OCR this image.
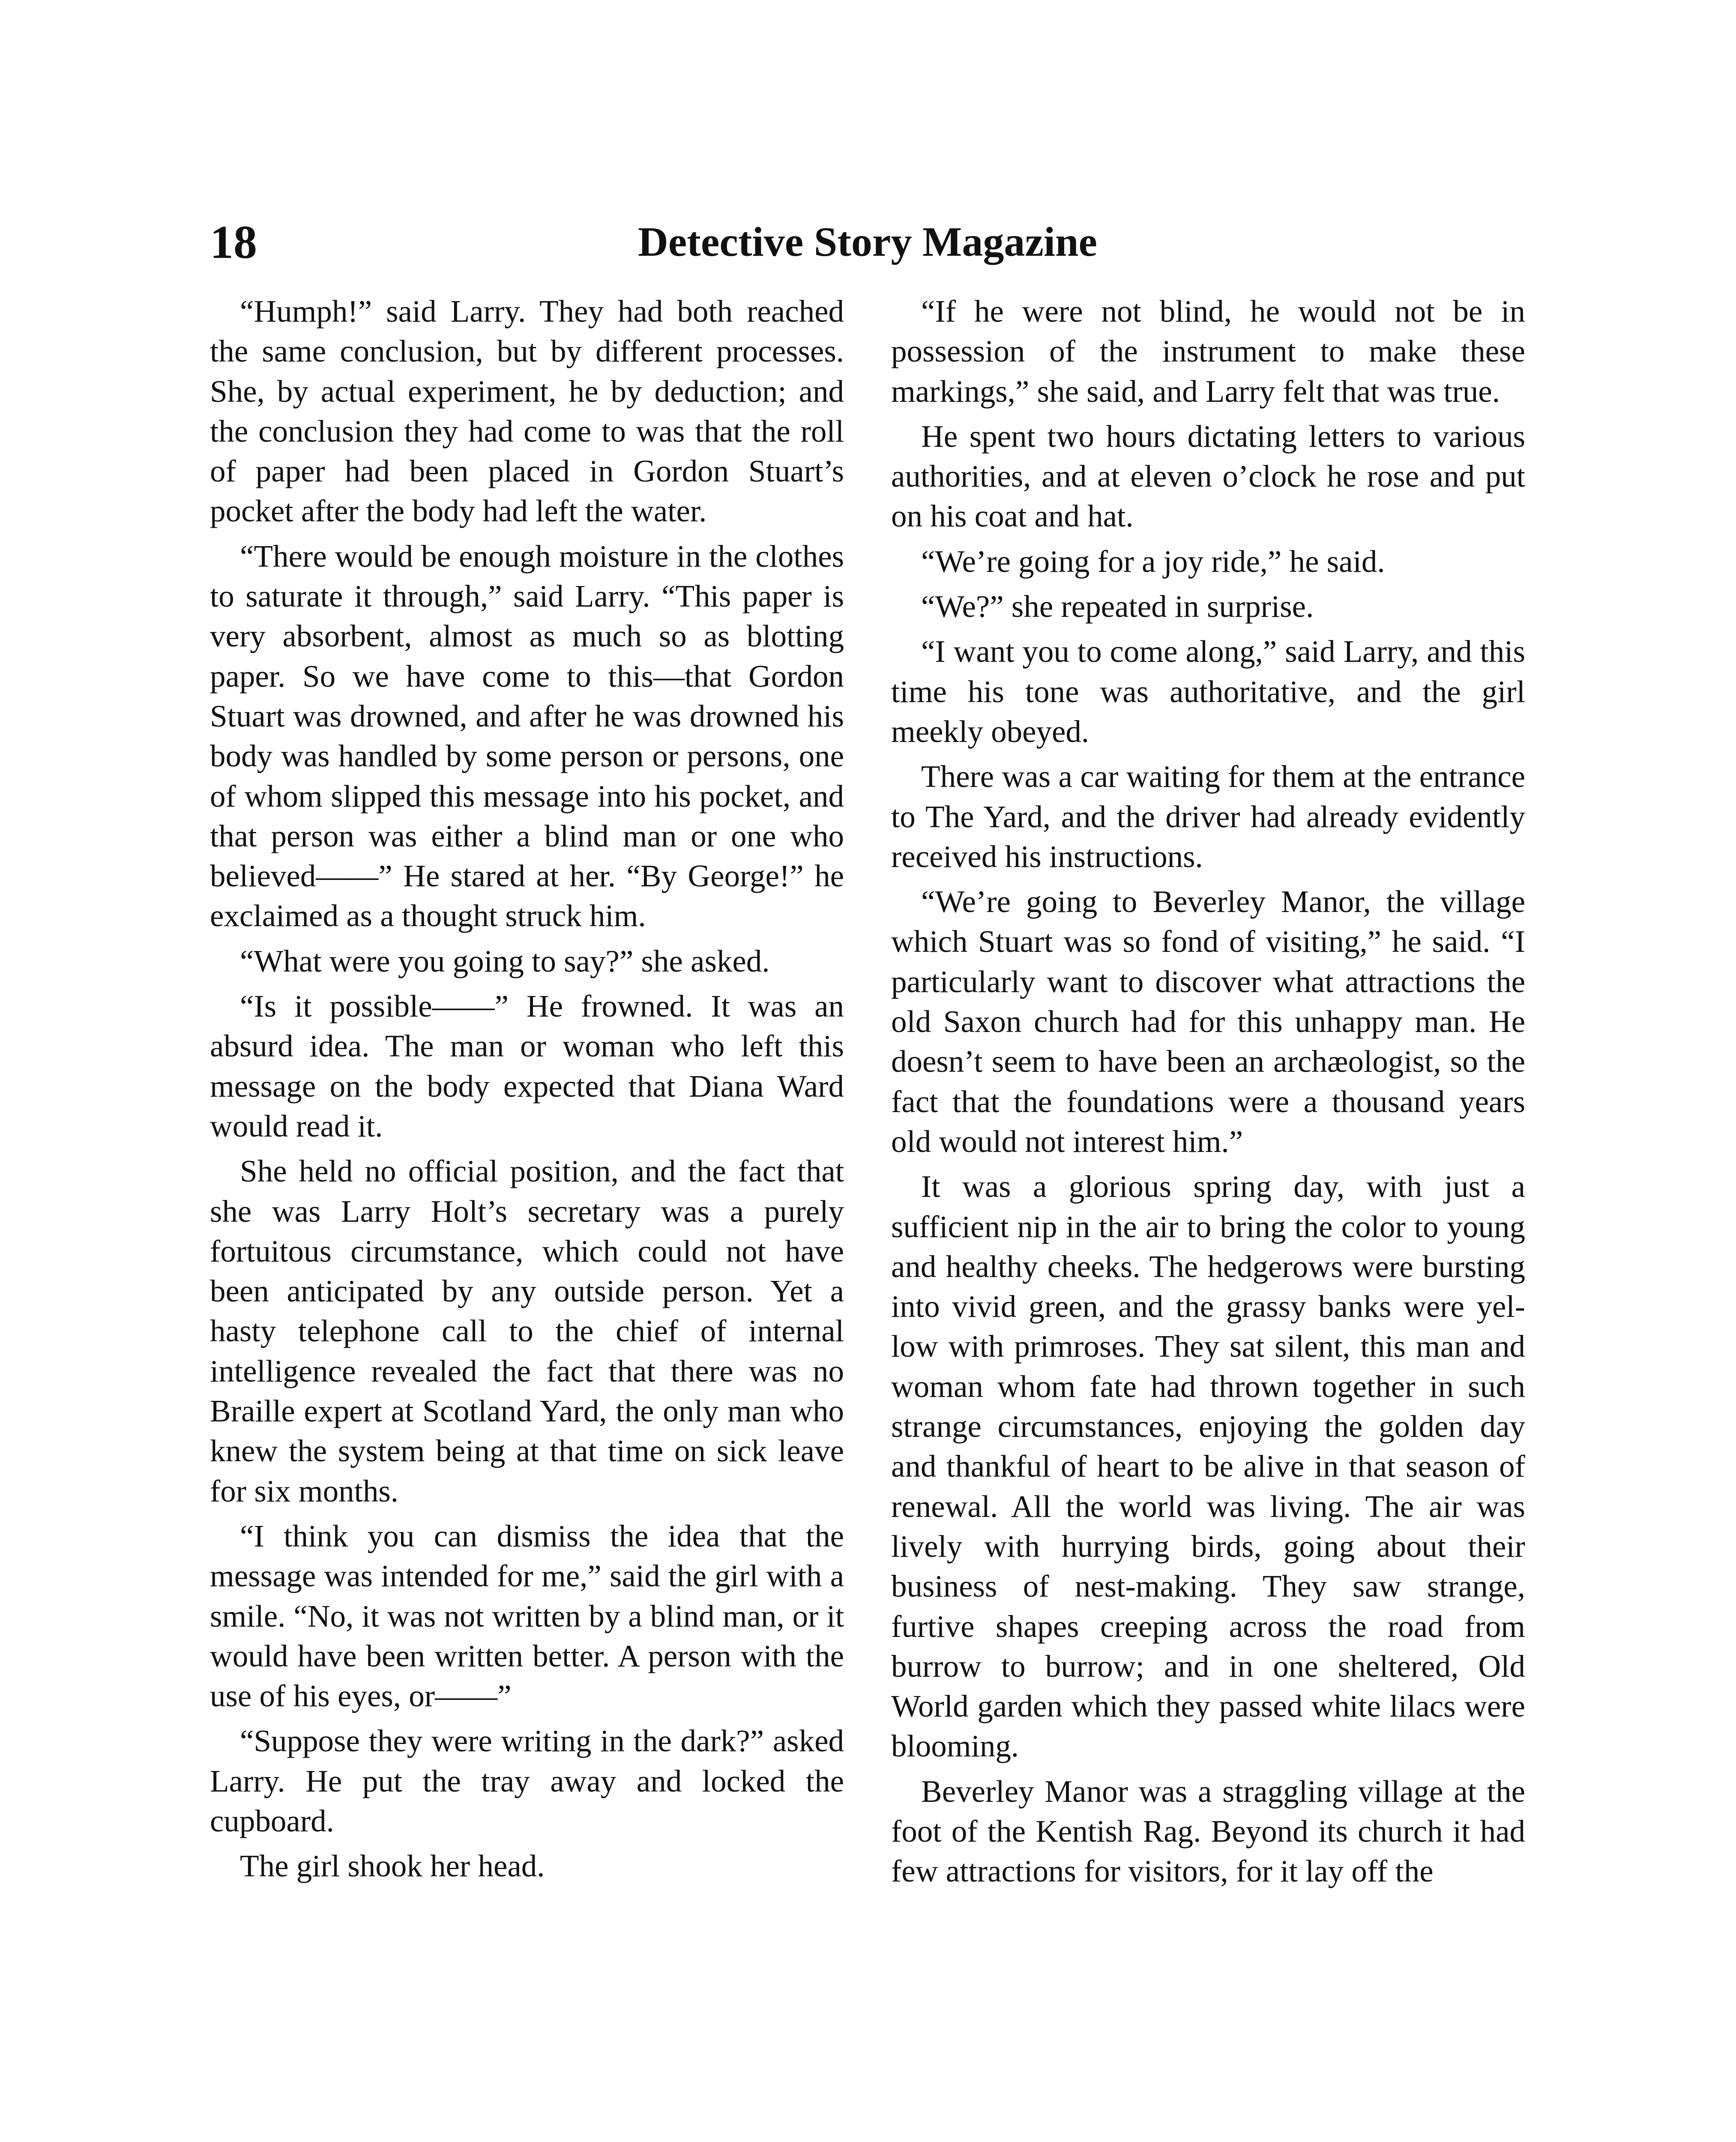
18	Detective Story Magazine

“Humph!” said Larry. They had both reached the same conclusion, but by different processes. She, by actual experiment, he by deduction; and the conclusion they had come to was that the roll of paper had been placed in Gordon Stuart’s pocket after the body had left the water.

“There would be enough moisture in the clothes to saturate it through,” said Larry. “This paper is very absorbent, almost as much so as blotting paper. So we have come to this—that Gordon Stuart was drowned, and after he was drowned his body was handled by some person or persons, one of whom slipped this message into his pocket, and that person was either a blind man or one who believed——” He stared at her. “By George!” he exclaimed as a thought struck him.

“What were you going to say?” she asked.

“Is it possible——” He frowned. It was an absurd idea. The man or woman who left this message on the body expected that Diana Ward would read it.

She held no official position, and the fact that she was Larry Holt’s secretary was a purely fortuitous circumstance, which could not have been anticipated by any outside person. Yet a hasty telephone call to the chief of internal intelligence revealed the fact that there was no Braille expert at Scotland Yard, the only man who knew the system being at that time on sick leave for six months.

“I think you can dismiss the idea that the message was intended for me,” said the girl with a smile. “No, it was not written by a blind man, or it would have been written better. A person with the use of his eyes, or——”

“Suppose they were writing in the dark?” asked Larry. He put the tray away and locked the cupboard.

The girl shook her head.

“If he were not blind, he would not be in possession of the instrument to make these markings,” she said, and Larry felt that was true.

He spent two hours dictating letters to various authorities, and at eleven o’clock he rose and put on his coat and hat.

“We’re going for a joy ride,” he said.

“We?” she repeated in surprise.

“I want you to come along,” said Larry, and this time his tone was authoritative, and the girl meekly obeyed.

There was a car waiting for them at the entrance to The Yard, and the driver had already evidently received his instructions.

“We’re going to Beverley Manor, the village which Stuart was so fond of visiting,” he said. “I particularly want to discover what attractions the old Saxon church had for this unhappy man. He doesn’t seem to have been an archæologist, so the fact that the foundations were a thousand years old would not interest him.”

It was a glorious spring day, with just a sufficient nip in the air to bring the color to young and healthy cheeks. The hedgerows were bursting into vivid green, and the grassy banks were yellow with primroses. They sat silent, this man and woman whom fate had thrown together in such strange circumstances, enjoying the golden day and thankful of heart to be alive in that season of renewal. All the world was living. The air was lively with hurrying birds, going about their business of nest-making. They saw strange, furtive shapes creeping across the road from burrow to burrow; and in one sheltered, Old World garden which they passed white lilacs were blooming.

Beverley Manor was a straggling village at the foot of the Kentish Rag. Beyond its church it had few attractions for visitors, for it lay off the
